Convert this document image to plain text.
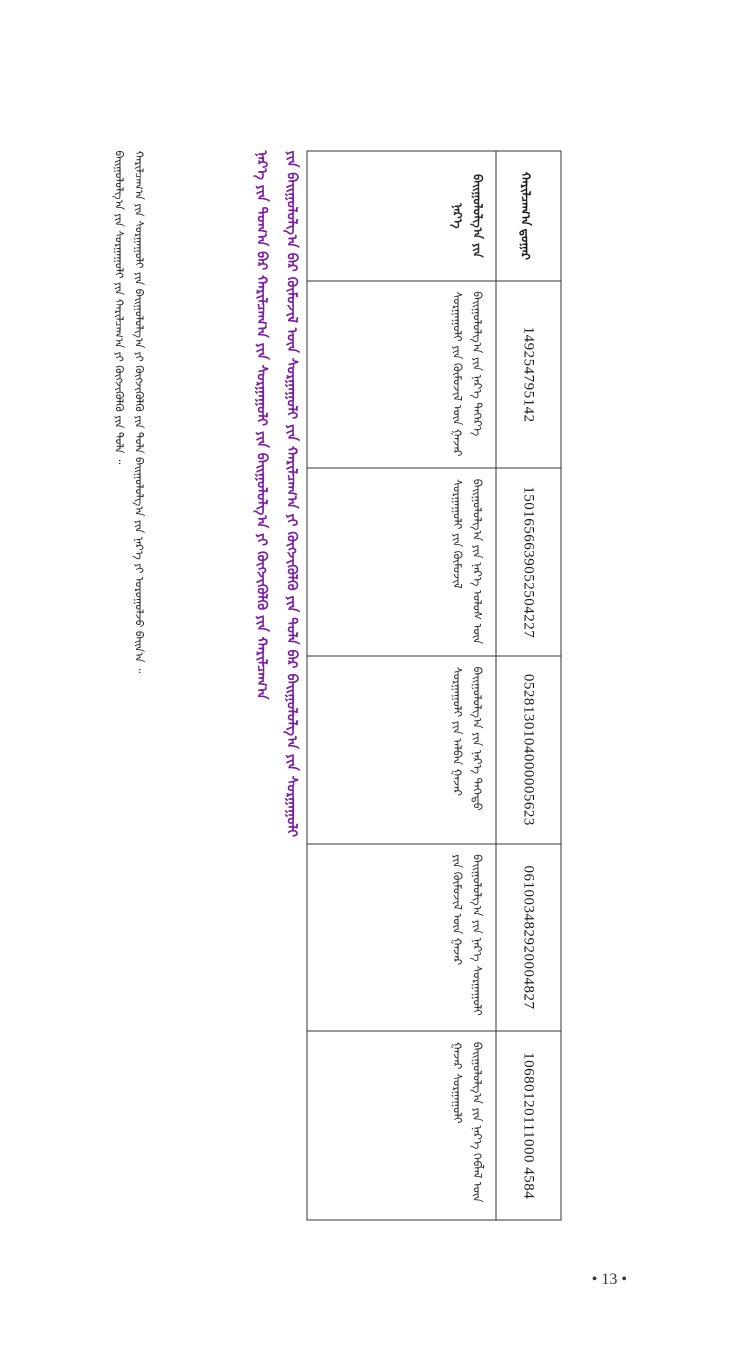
ᠬᠠᠷᠢᠯᠴᠠᠭ᠎ᠠ ᠳ᠋ᠤᠭᠠᠷ
ᠪᠠᠢᠭᠤᠯᠤᠯᠭ᠎ᠠ ᠶᠢᠨ ᠨᠡᠷ᠎ᠡ
14925479514​2
ᠪᠠᠢᠭᠤᠯᠤᠯᠭ᠎ᠠ ᠶᠢᠨ ᠨᠡᠷ᠎ᠡ ᠳᠡᠭᠡᠷ᠎ᠡ ᠰᠤᠷᠭᠠᠭᠤᠯᠢ ᠶᠢᠨ ᠬᠦᠮᠦᠵᠢᠯ ᠦᠨ ᠭᠠᠵᠠᠷ
15016566390​52504227
ᠪᠠᠢᠭᠤᠯᠤᠯᠭ᠎ᠠ ᠶᠢᠨ ᠨᠡᠷ᠎ᠡ ᠤᠯᠤᠰ ᠦᠨ ᠰᠤᠷᠭᠠᠭᠤᠯᠢ ᠶᠢᠨ ᠬᠦᠮᠦᠵᠢᠯ
05281301040​00005623
ᠪᠠᠢᠭᠤᠯᠤᠯᠭ᠎ᠠ ᠶᠢᠨ ᠨᠡᠷ᠎ᠡ ᠳᠡᠭᠡᠳᠦ ᠰᠤᠷᠭᠠᠭᠤᠯᠢ ᠶᠢᠨ ᠠᠯᠪᠠᠨ ᠭᠠᠵᠠᠷ
06100348292​0004827
ᠪᠠᠢᠭᠤᠯᠤᠯᠭ᠎ᠠ ᠶᠢᠨ ᠨᠡᠷ᠎ᠡ ᠰᠤᠷᠭᠠᠭᠤᠯᠢ ᠶᠢᠨ ᠬᠦᠮᠦᠵᠢᠯ ᠦᠨ ᠭᠠᠵᠠᠷ
10680120111000 4584
ᠪᠠᠢᠭᠤᠯᠤᠯᠭ᠎ᠠ ᠶᠢᠨ ᠨᠡᠷ᠎ᠡ ᠬᠡᠪᠯᠡᠯ ᠦᠨ ᠭᠠᠵᠠᠷ ᠰᠤᠷᠭᠠᠭᠤᠯᠢ
ᠶᠢᠨ ᠪᠠᠢᠭᠤᠯᠤᠯᠭ᠎ᠠ ᠪᠠᠷ ᠬᠦᠮᠦᠵᠢᠯ ᠦᠨ ᠰᠤᠷᠭᠠᠭᠤᠯᠢ ᠶᠢᠨ ᠬᠠᠷᠢᠯᠴᠠᠭ᠎ᠠ ᠶᠢ ᠬᠦᠭᠵᠢᠭᠦᠯᠬᠦ ᠶᠢᠨ ᠳᠤᠯᠠ ᠪᠡᠷ ᠪᠠᠢᠭᠤᠯᠤᠯᠭ᠎ᠠ ᠶᠢᠨ ᠰᠤᠷᠭᠠᠭᠤᠯᠢ
ᠨᠡᠷ᠎ᠡ ᠶᠢᠨ ᠲᠣᠭ᠎ᠠ ᠪᠠᠷ ᠬᠠᠷᠢᠯᠴᠠᠭ᠎ᠠ ᠶᠢᠨ ᠰᠤᠷᠭᠠᠭᠤᠯᠢ ᠶᠢᠨ ᠪᠠᠢᠭᠤᠯᠤᠯᠭ᠎ᠠ ᠶᠢ ᠬᠦᠭᠵᠢᠭᠦᠯᠬᠦ ᠶᠢᠨ ᠬᠠᠷᠢᠯᠴᠠᠭ᠎ᠠ
ᠬᠠᠷᠢᠯᠴᠠᠭ᠎ᠠ ᠶᠢᠨ ᠰᠤᠷᠭᠠᠭᠤᠯᠢ ᠶᠢᠨ ᠪᠠᠢᠭᠤᠯᠤᠯᠭ᠎ᠠ ᠶᠢ ᠬᠦᠭᠵᠢᠭᠦᠯᠬᠦ ᠶᠢᠨ ᠲᠤᠯᠠ ᠪᠠᠢᠭᠤᠯᠤᠯᠭ᠎ᠠ ᠶᠢᠨ ᠨᠡᠷ᠎ᠡ ᠶᠢ ᠣᠷᠤᠭᠤᠯᠵᠤ ᠪᠠᠢᠨ᠎ᠠ ᠃
ᠪᠠᠢᠭᠤᠯᠤᠯᠭ᠎ᠠ ᠶᠢᠨ ᠰᠤᠷᠭᠠᠭᠤᠯᠢ ᠶᠢᠨ ᠬᠠᠷᠢᠯᠴᠠᠭ᠎ᠠ ᠶᠢ ᠬᠦᠭᠵᠢᠭᠦᠯᠬᠦ ᠶᠢᠨ ᠲᠤᠯᠠ ᠃
• 13 •
